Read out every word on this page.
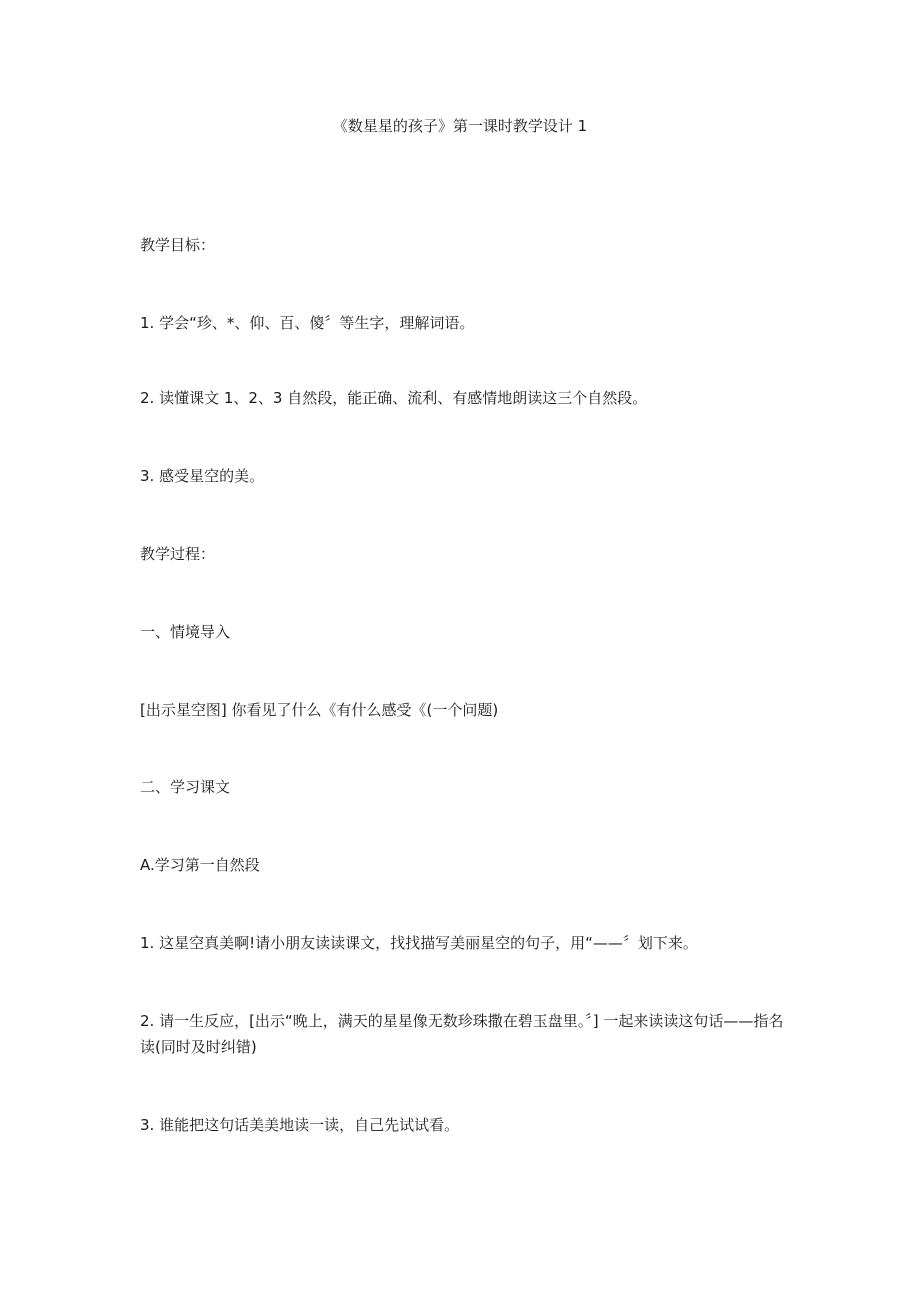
《数星星的孩子》第一课时教学设计 1
教学目标：
1. 学会“珍、*、仰、百、傻〞等生字，理解词语。
2. 读懂课文 1、2、3 自然段，能正确、流利、有感情地朗读这三个自然段。
3. 感受星空的美。
教学过程：
一、情境导入
[出示星空图] 你看见了什么《有什么感受《(一个问题)
二、学习课文
A.学习第一自然段
1. 这星空真美啊!请小朋友读读课文，找找描写美丽星空的句子，用“——〞划下来。
2. 请一生反应，[出示“晚上，满天的星星像无数珍珠撒在碧玉盘里。〞] 一起来读读这句话——指名读(同时及时纠错)
3. 谁能把这句话美美地读一读，自己先试试看。
